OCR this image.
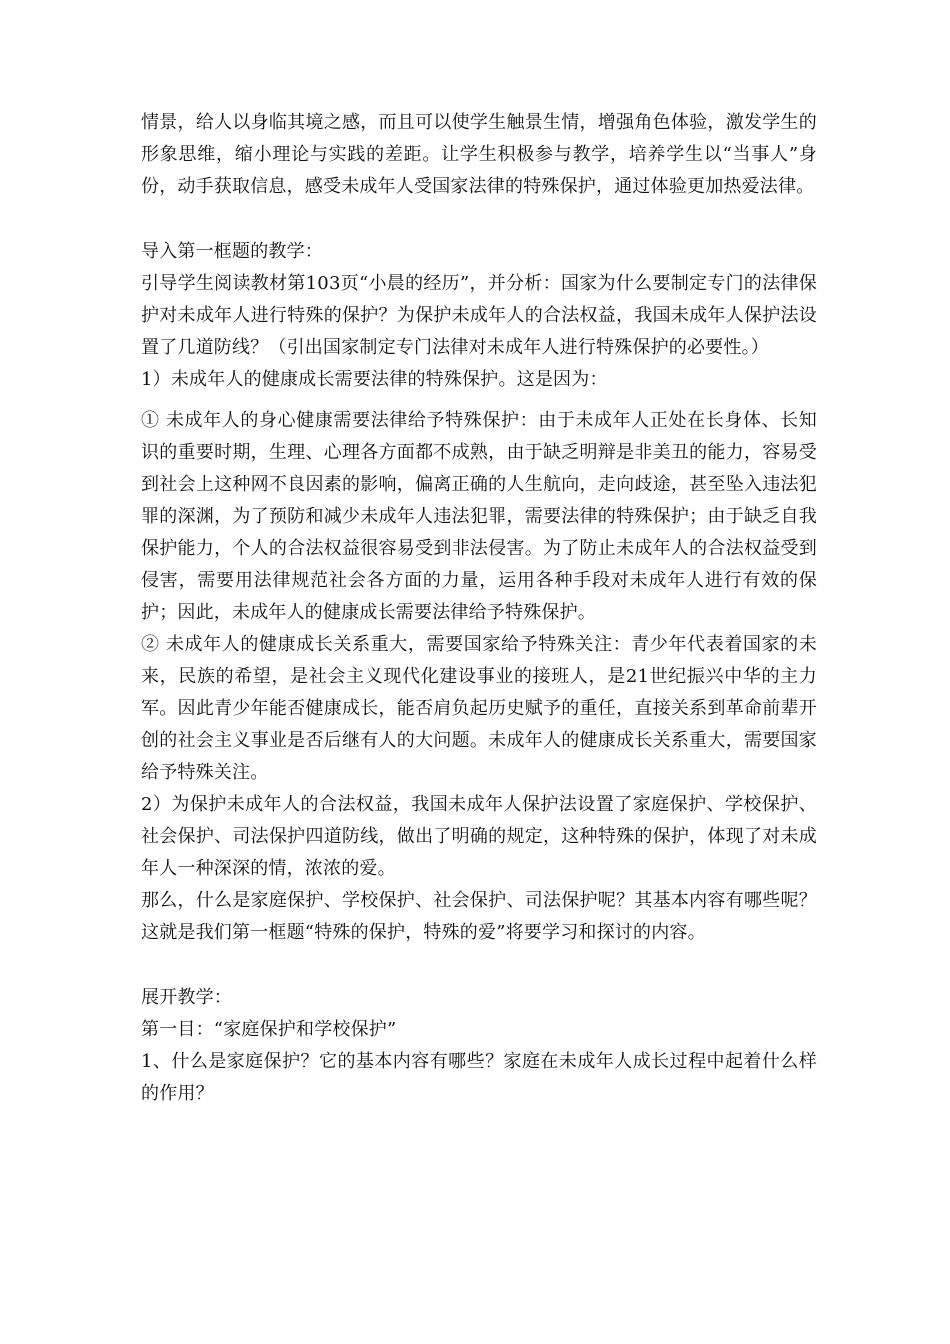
情景，给人以身临其境之感，而且可以使学生触景生情，增强角色体验，激发学生的形象思维，缩小理论与实践的差距。让学生积极参与教学，培养学生以“当事人”身份，动手获取信息，感受未成年人受国家法律的特殊保护，通过体验更加热爱法律。

导入第一框题的教学：

引导学生阅读教材第103页“小晨的经历”，并分析：国家为什么要制定专门的法律保护对未成年人进行特殊的保护？为保护未成年人的合法权益，我国未成年人保护法设置了几道防线？（引出国家制定专门法律对未成年人进行特殊保护的必要性。）

1）未成年人的健康成长需要法律的特殊保护。这是因为：

① 未成年人的身心健康需要法律给予特殊保护：由于未成年人正处在长身体、长知识的重要时期，生理、心理各方面都不成熟，由于缺乏明辩是非美丑的能力，容易受到社会上这种网不良因素的影响，偏离正确的人生航向，走向歧途，甚至坠入违法犯罪的深渊，为了预防和减少未成年人违法犯罪，需要法律的特殊保护；由于缺乏自我保护能力，个人的合法权益很容易受到非法侵害。为了防止未成年人的合法权益受到侵害，需要用法律规范社会各方面的力量，运用各种手段对未成年人进行有效的保护；因此，未成年人的健康成长需要法律给予特殊保护。

② 未成年人的健康成长关系重大，需要国家给予特殊关注：青少年代表着国家的未来，民族的希望，是社会主义现代化建设事业的接班人，是21世纪振兴中华的主力军。因此青少年能否健康成长，能否肩负起历史赋予的重任，直接关系到革命前辈开创的社会主义事业是否后继有人的大问题。未成年人的健康成长关系重大，需要国家给予特殊关注。

2）为保护未成年人的合法权益，我国未成年人保护法设置了家庭保护、学校保护、社会保护、司法保护四道防线，做出了明确的规定，这种特殊的保护，体现了对未成年人一种深深的情，浓浓的爱。

那么，什么是家庭保护、学校保护、社会保护、司法保护呢？其基本内容有哪些呢？这就是我们第一框题“特殊的保护，特殊的爱”将要学习和探讨的内容。

展开教学：

第一目：“家庭保护和学校保护”

1、什么是家庭保护？它的基本内容有哪些？家庭在未成年人成长过程中起着什么样的作用？
